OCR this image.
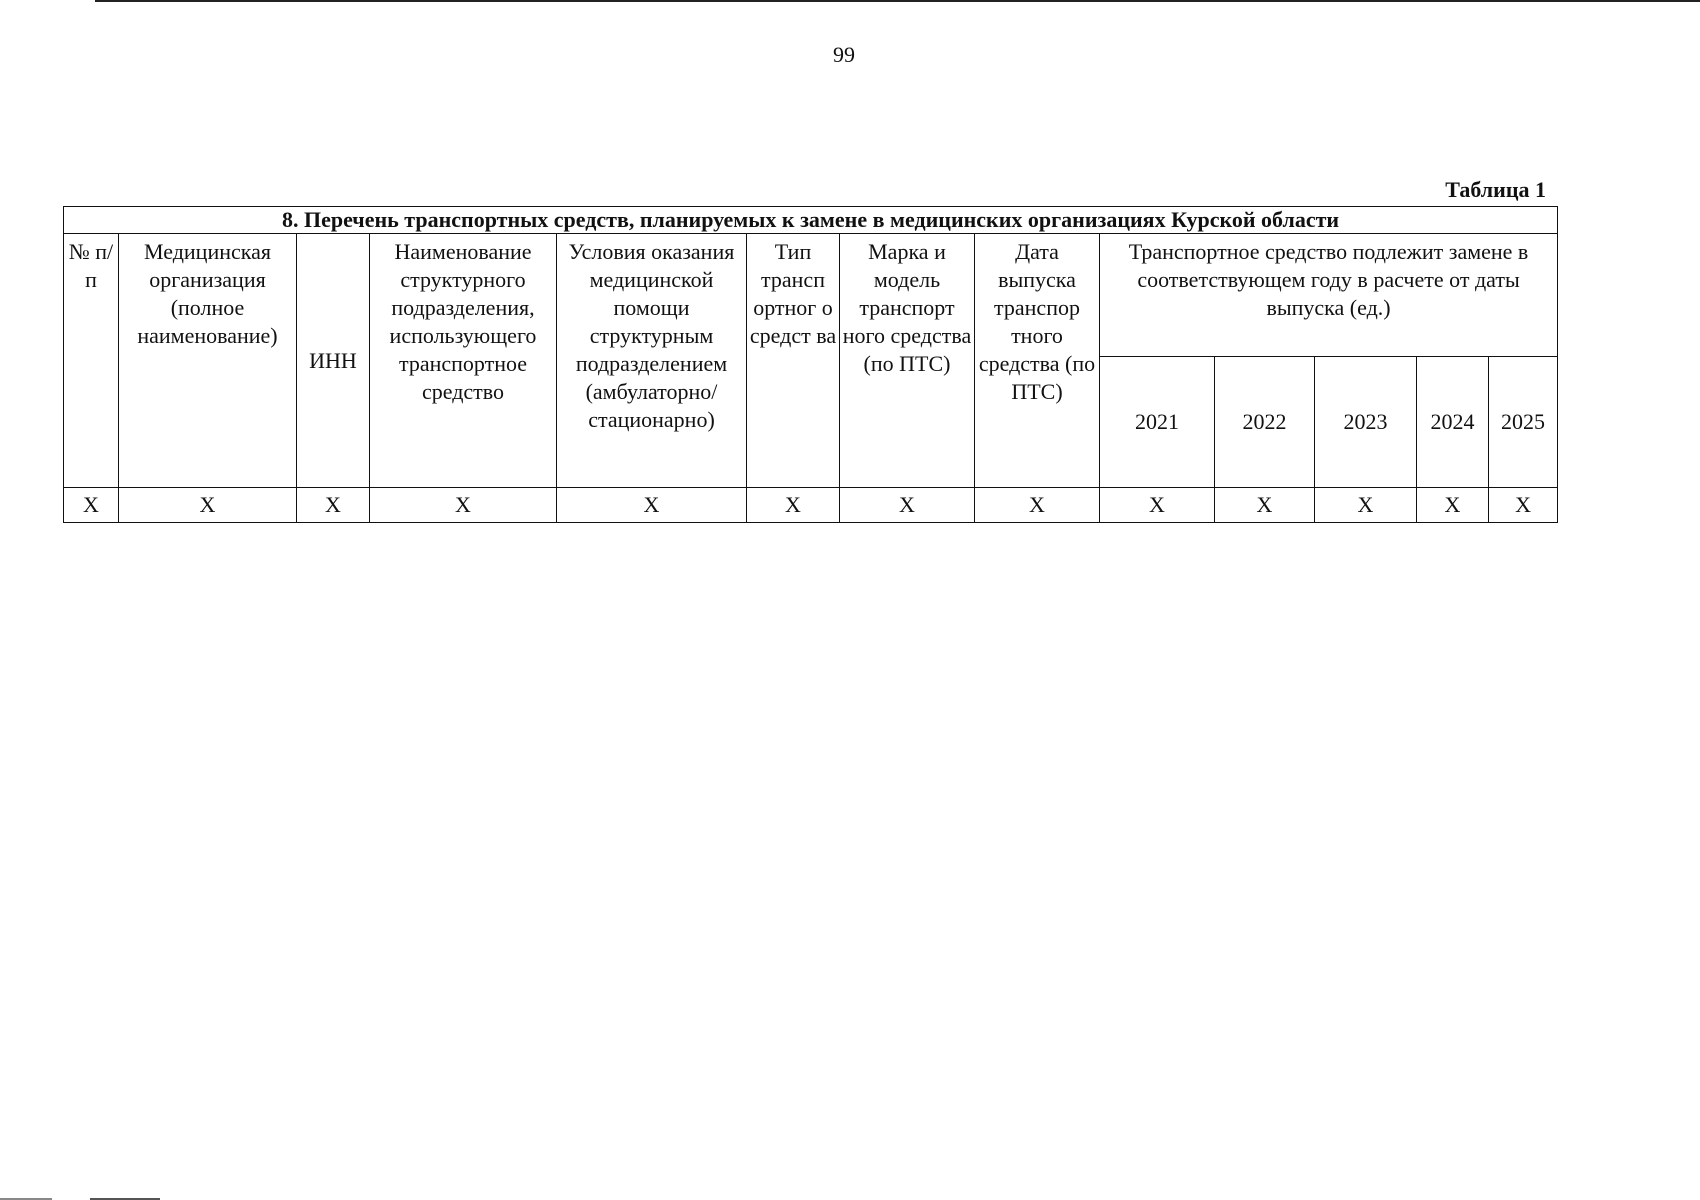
99
Таблица 1
8. Перечень транспортных средств, планируемых к замене в медицинских организациях Курской области												
№ п/п	Медицинская организация (полное наименование)	ИНН	Наименование структурного подразделения, использующего транспортное средство	Условия оказания медицинской помощи структурным подразделением (амбулаторно/ стационарно)	Тип трансп ортног о средст ва	Марка и модель транспорт ного средства (по ПТС)	Дата выпуска транспор тного средства (по ПТС)	Транспортное средство подлежит замене в соответствующем году в расчете от даты выпуска (ед.)				
								2021	2022	2023	2024	2025
Х	Х	Х	Х	Х	Х	Х	Х	Х	Х	Х	Х	Х
